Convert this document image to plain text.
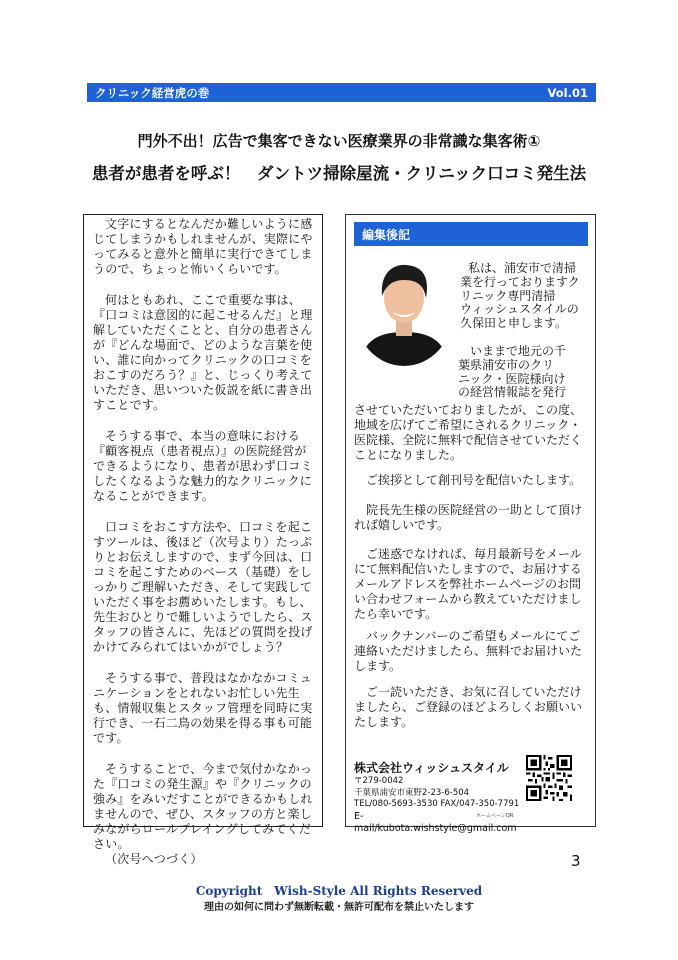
クリニック経営虎の巻	Vol.01
門外不出！広告で集客できない医療業界の非常識な集客術①
患者が患者を呼ぶ！　ダントツ掃除屋流・クリニック口コミ発生法

文字にするとなんだか難しいように感じてしまうかもしれませんが、実際にやってみると意外と簡単に実行できてしまうので、ちょっと怖いくらいです。

何はともあれ、ここで重要な事は、『口コミは意図的に起こせるんだ』と理解していただくことと、自分の患者さんが『どんな場面で、どのような言葉を使い、誰に向かってクリニックの口コミをおこすのだろう？』と、じっくり考えていただき、思いついた仮説を紙に書き出すことです。

そうする事で、本当の意味における『顧客視点（患者視点）』の医院経営ができるようになり、患者が思わず口コミしたくなるような魅力的なクリニックになることができます。

口コミをおこす方法や、口コミを起こすツールは、後ほど（次号より）たっぷりとお伝えしますので、まず今回は、口コミを起こすためのベース（基礎）をしっかりご理解いただき、そして実践していただく事をお薦めいたします。もし、先生おひとりで難しいようでしたら、スタッフの皆さんに、先ほどの質問を投げかけてみられてはいかがでしょう？

そうする事で、普段はなかなかコミュニケーションをとれないお忙しい先生も、情報収集とスタッフ管理を同時に実行でき、一石二鳥の効果を得る事も可能です。

そうすることで、今まで気付かなかった『口コミの発生源』や『クリニックの強み』をみいだすことができるかもしれませんので、ぜひ、スタッフの方と楽しみながらロールプレイングしてみてください。

（次号へつづく）

編集後記
私は、浦安市で清掃
業を行っておりますク
リニック専門清掃
ウィッシュスタイルの
久保田と申します。
いままで地元の千
葉県浦安市のクリ
ニック・医院様向け
の経営情報誌を発行

させていただいておりましたが、この度、地域を広げてご希望にされるクリニック・医院様、全院に無料で配信させていただくことになりました。

ご挨拶として創刊号を配信いたします。

院長先生様の医院経営の一助として頂ければ嬉しいです。

ご迷惑でなければ、毎月最新号をメールにて無料配信いたしますので、お届けするメールアドレスを弊社ホームページのお問い合わせフォームから教えていただけましたら幸いです。

バックナンバーのご希望もメールにてご連絡いただけましたら、無料でお届けいたします。

ご一読いただき、お気に召していただけましたら、ご登録のほどよろしくお願いいたします。

株式会社ウィッシュスタイル
〒279-0042
千葉県浦安市東野2-23-6-504
TEL/080-5693-3530 FAX/047-350-7791
E-mail/kubota.wishstyle@gmail.com
ホームページQR
3
Copyright　Wish-Style All Rights Reserved
理由の如何に問わず無断転載・無許可配布を禁止いたします
